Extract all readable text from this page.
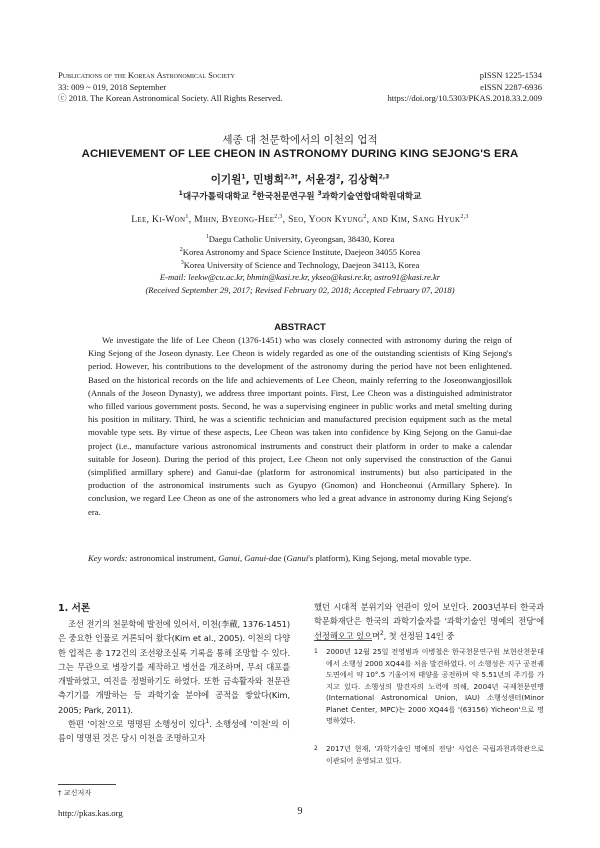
Publications of the Korean Astronomical Society
33: 009 ~ 019, 2018 September
ⓒ 2018. The Korean Astronomical Society. All Rights Reserved.
pISSN 1225-1534
eISSN 2287-6936
https://doi.org/10.5303/PKAS.2018.33.2.009
세종 대 천문학에서의 이천의 업적
ACHIEVEMENT OF LEE CHEON IN ASTRONOMY DURING KING SEJONG'S ERA
이기원$^1$, 민병희$^{2,3\dagger}$, 서윤경$^2$, 김상혁$^{2,3}$
$^1$대구가톨릭대학교 $^2$한국천문연구원 $^3$과학기술연합대학원대학교
Lee, Ki-Won$^1$, Mihn, Byeong-Hee$^{2,3}$, Seo, Yoon Kyung$^2$, and Kim, Sang Hyuk$^{2,3}$
$^1$Daegu Catholic University, Gyeongsan, 38430, Korea
$^2$Korea Astronomy and Space Science Institute, Daejeon 34055 Korea
$^3$Korea University of Science and Technology, Daejeon 34113, Korea
E-mail: leekw@cu.ac.kr, bhmin@kasi.re.kr, ykseo@kasi.re.kr, astro91@kasi.re.kr
(Received September 29, 2017; Revised February 02, 2018; Accepted February 07, 2018)
ABSTRACT
We investigate the life of Lee Cheon (1376-1451) who was closely connected with astronomy during the reign of King Sejong of the Joseon dynasty. Lee Cheon is widely regarded as one of the outstanding scientists of King Sejong's period. However, his contributions to the development of the astronomy during the period have not been enlightened. Based on the historical records on the life and achievements of Lee Cheon, mainly referring to the Joseonwangjosillok (Annals of the Joseon Dynasty), we address three important points. First, Lee Cheon was a distinguished administrator who filled various government posts. Second, he was a supervising engineer in public works and metal smelting during his position in military. Third, he was a scientific technician and manufactured precision equipment such as the metal movable type sets. By virtue of these aspects, Lee Cheon was taken into confidence by King Sejong on the Ganui-dae project (i.e., manufacture various astronomical instruments and construct their platform in order to make a calendar suitable for Joseon). During the period of this project, Lee Cheon not only supervised the construction of the Ganui (simplified armillary sphere) and Ganui-dae (platform for astronomical instruments) but also participated in the production of the astronomical instruments such as Gyupyo (Gnomon) and Honcheonui (Armillary Sphere). In conclusion, we regard Lee Cheon as one of the astronomers who led a great advance in astronomy during King Sejong's era.
Key words: astronomical instrument, Ganui, Ganui-dae (Ganui's platform), King Sejong, metal movable type.
1. 서론

조선 전기의 천문학에 발전에 있어서, 이천(李蕆, 1376-1451)은 중요한 인물로 거론되어 왔다(Kim et al., 2005). 이천의 다양한 업적은 총 172건의 조선왕조실록 기록을 통해 조망할 수 있다. 그는 무관으로 병장기를 제작하고 병선을 개조하며, 무쇠 대포를 개발하였고, 여진을 정벌하기도 하였다. 또한 금속활자와 천문관측기기를 개발하는 등 과학기술 분야에 공적을 쌓았다(Kim, 2005; Park, 2011).

한편 '이천'으로 명명된 소행성이 있다$^1$. 소행성에 '이천'의 이름이 명명된 것은 당시 이천을 조명하고자

했던 시대적 분위기와 연관이 있어 보인다. 2003년부터 한국과학문화재단은 한국의 과학기술자를 '과학기술인 명예의 전당'에 선정해오고 있으며$^2$, 첫 선정된 14인 중
1 2000년 12월 25일 전영범과 이병철은 한국천문연구원 보현산천문대에서 소행성 2000 XQ44를 처음 발견하였다. 이 소행성은 지구 공전궤도면에서 약 10°.5 기울어져 태양을 공전하며 약 5.51년의 주기를 가지고 있다. 소행성의 발견자의 노력에 의해, 2004년 국제천문연맹(International Astronomical Union, IAU) 소행성센터(Minor Planet Center, MPC)는 2000 XQ44를 '(63156) Yicheon'으로 명명하였다.
2 2017년 현재, '과학기술인 명예의 전당' 사업은 국립과천과학관으로 이관되어 운영되고 있다.
† 교신저자
http://pkas.kas.org	9
